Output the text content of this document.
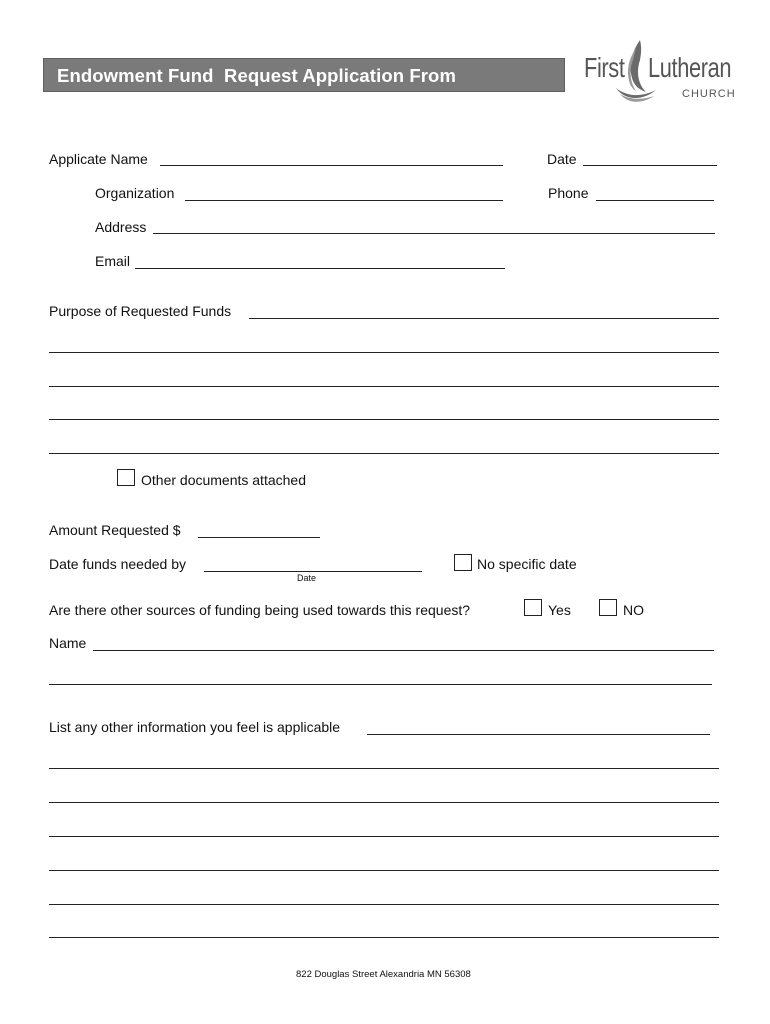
Endowment Fund  Request Application From	First Lutheran
CHURCH
Applicate Name	Date
Organization	Phone
Address
Email
Purpose of Requested Funds
Other documents attached
Amount Requested $
Date funds needed by
Date
No specific date
Are there other sources of funding being used towards this request?	Yes	NO
Name
List any other information you feel is applicable
822 Douglas Street Alexandria MN 56308
